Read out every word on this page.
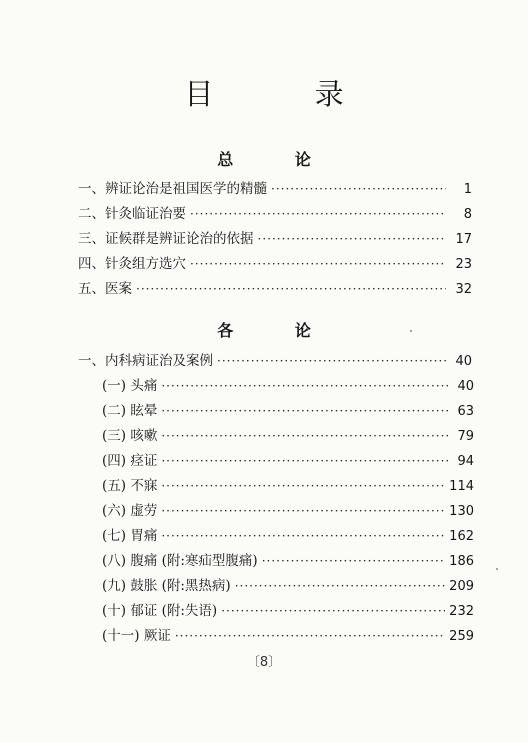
目 录
总 论
一、辨证论治是祖国医学的精髓 ·····	1
二、针灸临证治要 ·····	8
三、证候群是辨证论治的依据 ·····	17
四、针灸组方选穴 ·····	23
五、医案 ·····	32
各 论
一、内科病证治及案例 ·····	40
(一) 头痛 ·····	40
(二) 眩晕 ·····	63
(三) 咳嗽 ·····	79
(四) 痉证 ·····	94
(五) 不寐 ·····	114
(六) 虚劳 ·····	130
(七) 胃痛 ·····	162
(八) 腹痛 (附:寒疝型腹痛) ·····	186
(九) 鼓胀 (附:黑热病) ·····	209
(十) 郁证 (附:失语) ·····	232
(十一) 厥证 ·····	259
〔8〕
